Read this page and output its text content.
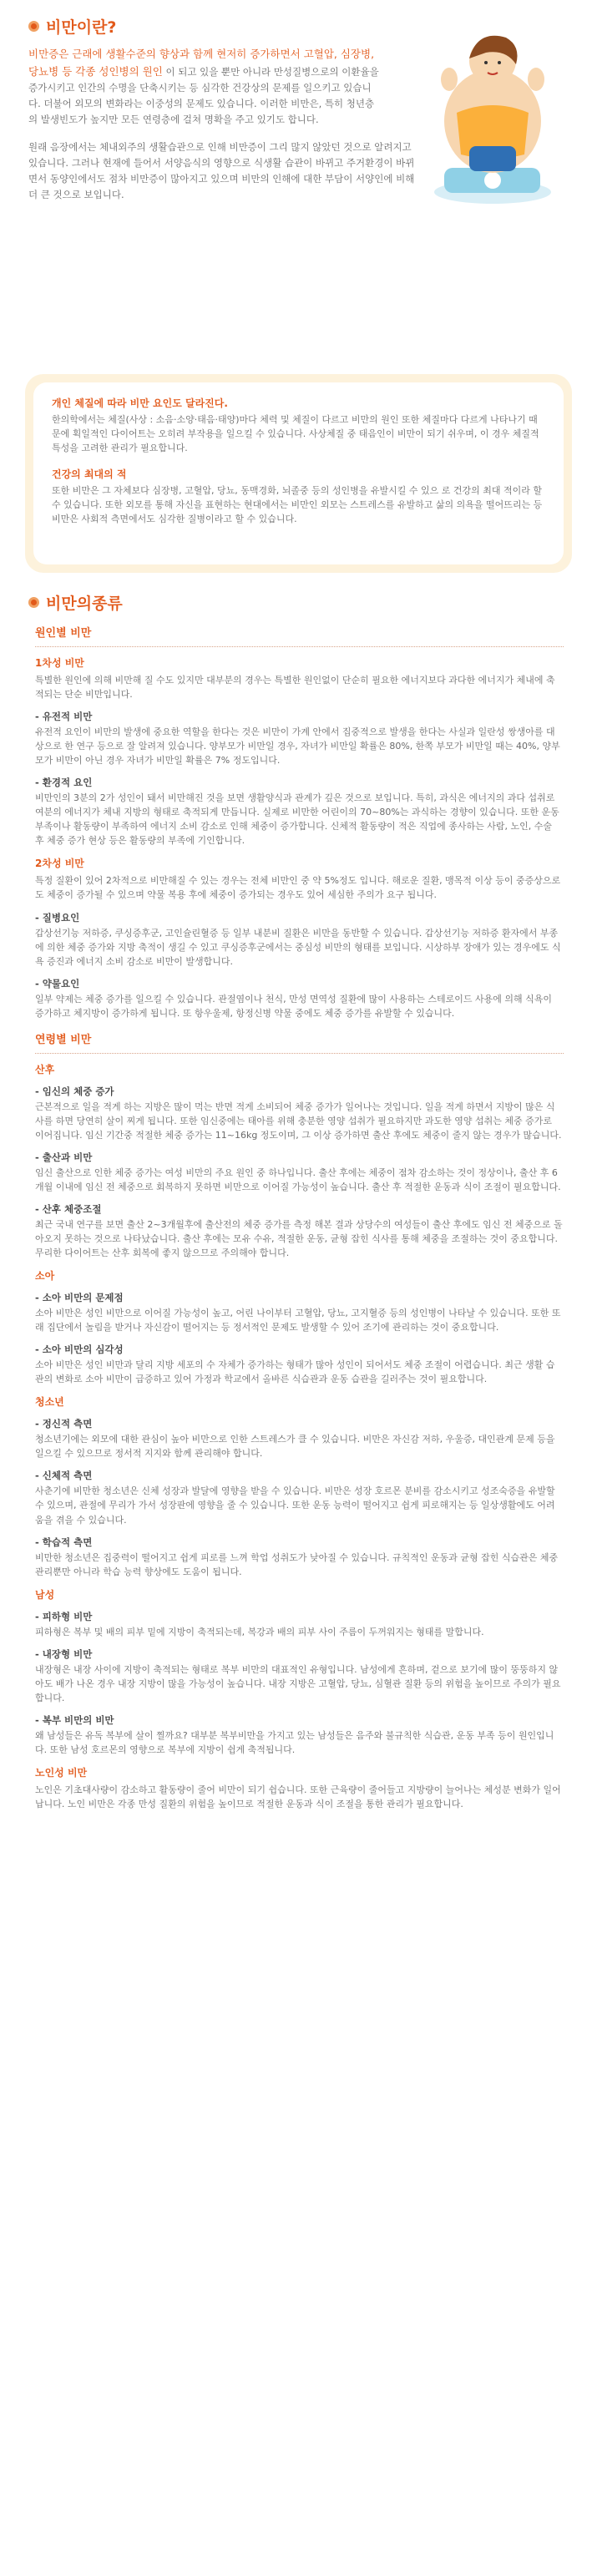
비만이란?

비만증은 근래에 생활수준의 향상과 함께 현저히 증가하면서 고혈압, 심장병, 당뇨병 등 각종 성인병의 원인 이 되고 있을 뿐만 아니라 만성질병으로의 이환율을 증가시키고 인간의 수명을 단축시키는 등 심각한 건강상의 문제를 일으키고 있습니다. 더불어 외모의 변화라는 이중성의 문제도 있습니다. 이러한 비만은, 특히 청년층의 발생빈도가 높지만 모든 연령층에 걸쳐 명확을 주고 있기도 합니다.

원래 음장에서는 체내외주의 생활습관으로 인해 비만증이 그리 많지 않았던 것으로 알려지고 있습니다. 그러나 현재에 들어서 서양음식의 영향으로 식생활 습관이 바뀌고 주거환경이 바뀌면서 동양인에서도 점차 비만증이 많아지고 있으며 비만의 인해에 대한 부담이 서양인에 비해 더 큰 것으로 보입니다.

개인 체질에 따라 비만 요인도 달라진다.

한의학에서는 체질(사상 : 소음·소양·태음·태양)마다 체력 및 체질이 다르고 비만의 원인 또한 체질마다 다르게 나타나기 때문에 획일적인 다이어트는 오히려 부작용을 일으킬 수 있습니다. 사상체질 중 태음인이 비만이 되기 쉬우며, 이 경우 체질적 특성을 고려한 관리가 필요합니다.

건강의 최대의 적

또한 비만은 그 자체보다 심장병, 고혈압, 당뇨, 동맥경화, 뇌졸중 등의 성인병을 유발시킬 수 있으 로 건강의 최대 적이라 할 수 있습니다. 또한 외모를 통해 자신을 표현하는 현대에서는 비만인 외모는 스트레스를 유발하고 삶의 의욕을 떨어뜨리는 등 비만은 사회적 측면에서도 심각한 질병이라고 할 수 있습니다.

비만의종류
원인별 비만
1차성 비만

특별한 원인에 의해 비만해 질 수도 있지만 대부분의 경우는 특별한 원인없이 단순히 필요한 에너지보다 과다한 에너지가 체내에 축적되는 단순 비만입니다.

- 유전적 비만

유전적 요인이 비만의 발생에 중요한 역할을 한다는 것은 비만이 가계 안에서 집중적으로 발생을 한다는 사실과 일란성 쌍생아를 대상으로 한 연구 등으로 잘 알려져 있습니다. 양부모가 비만일 경우, 자녀가 비만일 확률은 80%, 한쪽 부모가 비만일 때는 40%, 양부모가 비만이 아닌 경우 자녀가 비만일 확률은 7% 정도입니다.

- 환경적 요인

비만인의 3분의 2가 성인이 돼서 비만해진 것을 보면 생활양식과 관계가 깊은 것으로 보입니다. 특히, 과식은 에너지의 과다 섭취로 여분의 에너지가 체내 지방의 형태로 축적되게 만듭니다. 실제로 비만한 어린이의 70~80%는 과식하는 경향이 있습니다. 또한 운동 부족이나 활동량이 부족하여 에너지 소비 감소로 인해 체중이 증가합니다. 신체적 활동량이 적은 직업에 종사하는 사람, 노인, 수술 후 체중 증가 현상 등은 활동량의 부족에 기인합니다.

2차성 비만

특정 질환이 있어 2차적으로 비만해질 수 있는 경우는 전체 비만인 중 약 5%정도 입니다. 해로운 질환, 맹목적 이상 등이 중증상으로도 체중이 증가될 수 있으며 약물 복용 후에 체중이 증가되는 경우도 있어 세심한 주의가 요구 됩니다.

- 질병요인

갑상선기능 저하증, 쿠싱증후군, 고인슐린혈증 등 일부 내분비 질환은 비만을 동반할 수 있습니다. 갑상선기능 저하증 환자에서 부종에 의한 체중 증가와 지방 축적이 생길 수 있고 쿠싱증후군에서는 중심성 비만의 형태를 보입니다. 시상하부 장애가 있는 경우에도 식욕 증진과 에너지 소비 감소로 비만이 발생합니다.

- 약물요인

일부 약제는 체중 증가를 일으킬 수 있습니다. 관절염이나 천식, 만성 면역성 질환에 많이 사용하는 스테로이드 사용에 의해 식욕이 증가하고 체지방이 증가하게 됩니다. 또 항우울제, 항정신병 약물 중에도 체중 증가를 유발할 수 있습니다.

연령별 비만
산후
- 임신의 체중 증가

근본적으로 일을 적게 하는 지방은 많이 먹는 반면 적게 소비되어 체중 증가가 일어나는 것입니다. 일을 적게 하면서 지방이 많은 식사를 하면 당연히 살이 찌게 됩니다. 또한 임신중에는 태아를 위해 충분한 영양 섭취가 필요하지만 과도한 영양 섭취는 체중 증가로 이어집니다. 임신 기간중 적절한 체중 증가는 11~16kg 정도이며, 그 이상 증가하면 출산 후에도 체중이 줄지 않는 경우가 많습니다.

- 출산과 비만

임신 출산으로 인한 체중 증가는 여성 비만의 주요 원인 중 하나입니다. 출산 후에는 체중이 점차 감소하는 것이 정상이나, 출산 후 6개월 이내에 임신 전 체중으로 회복하지 못하면 비만으로 이어질 가능성이 높습니다. 출산 후 적절한 운동과 식이 조절이 필요합니다.

- 산후 체중조절

최근 국내 연구를 보면 출산 2~3개월후에 출산전의 체중 증가를 측정 해본 결과 상당수의 여성들이 출산 후에도 임신 전 체중으로 돌아오지 못하는 것으로 나타났습니다. 출산 후에는 모유 수유, 적절한 운동, 균형 잡힌 식사를 통해 체중을 조절하는 것이 중요합니다. 무리한 다이어트는 산후 회복에 좋지 않으므로 주의해야 합니다.

소아
- 소아 비만의 문제점

소아 비만은 성인 비만으로 이어질 가능성이 높고, 어린 나이부터 고혈압, 당뇨, 고지혈증 등의 성인병이 나타날 수 있습니다. 또한 또래 집단에서 놀림을 받거나 자신감이 떨어지는 등 정서적인 문제도 발생할 수 있어 조기에 관리하는 것이 중요합니다.

- 소아 비만의 심각성

소아 비만은 성인 비만과 달리 지방 세포의 수 자체가 증가하는 형태가 많아 성인이 되어서도 체중 조절이 어렵습니다. 최근 생활 습관의 변화로 소아 비만이 급증하고 있어 가정과 학교에서 올바른 식습관과 운동 습관을 길러주는 것이 필요합니다.

청소년
- 정신적 측면

청소년기에는 외모에 대한 관심이 높아 비만으로 인한 스트레스가 클 수 있습니다. 비만은 자신감 저하, 우울증, 대인관계 문제 등을 일으킬 수 있으므로 정서적 지지와 함께 관리해야 합니다.

- 신체적 측면

사춘기에 비만한 청소년은 신체 성장과 발달에 영향을 받을 수 있습니다. 비만은 성장 호르몬 분비를 감소시키고 성조숙증을 유발할 수 있으며, 관절에 무리가 가서 성장판에 영향을 줄 수 있습니다. 또한 운동 능력이 떨어지고 쉽게 피로해지는 등 일상생활에도 어려움을 겪을 수 있습니다.

- 학습적 측면

비만한 청소년은 집중력이 떨어지고 쉽게 피로를 느껴 학업 성취도가 낮아질 수 있습니다. 규칙적인 운동과 균형 잡힌 식습관은 체중 관리뿐만 아니라 학습 능력 향상에도 도움이 됩니다.

남성
- 피하형 비만

피하형은 복부 및 배의 피부 밑에 지방이 축적되는데, 복강과 배의 피부 사이 주름이 두꺼워지는 형태를 말합니다.

- 내장형 비만

내장형은 내장 사이에 지방이 축적되는 형태로 복부 비만의 대표적인 유형입니다. 남성에게 흔하며, 겉으로 보기에 많이 뚱뚱하지 않아도 배가 나온 경우 내장 지방이 많을 가능성이 높습니다. 내장 지방은 고혈압, 당뇨, 심혈관 질환 등의 위험을 높이므로 주의가 필요합니다.

- 복부 비만의 비만

왜 남성들은 유독 복부에 살이 찔까요? 대부분 복부비만을 가지고 있는 남성들은 음주와 불규칙한 식습관, 운동 부족 등이 원인입니다. 또한 남성 호르몬의 영향으로 복부에 지방이 쉽게 축적됩니다.

노인성 비만

노인은 기초대사량이 감소하고 활동량이 줄어 비만이 되기 쉽습니다. 또한 근육량이 줄어들고 지방량이 늘어나는 체성분 변화가 일어납니다. 노인 비만은 각종 만성 질환의 위험을 높이므로 적절한 운동과 식이 조절을 통한 관리가 필요합니다.
